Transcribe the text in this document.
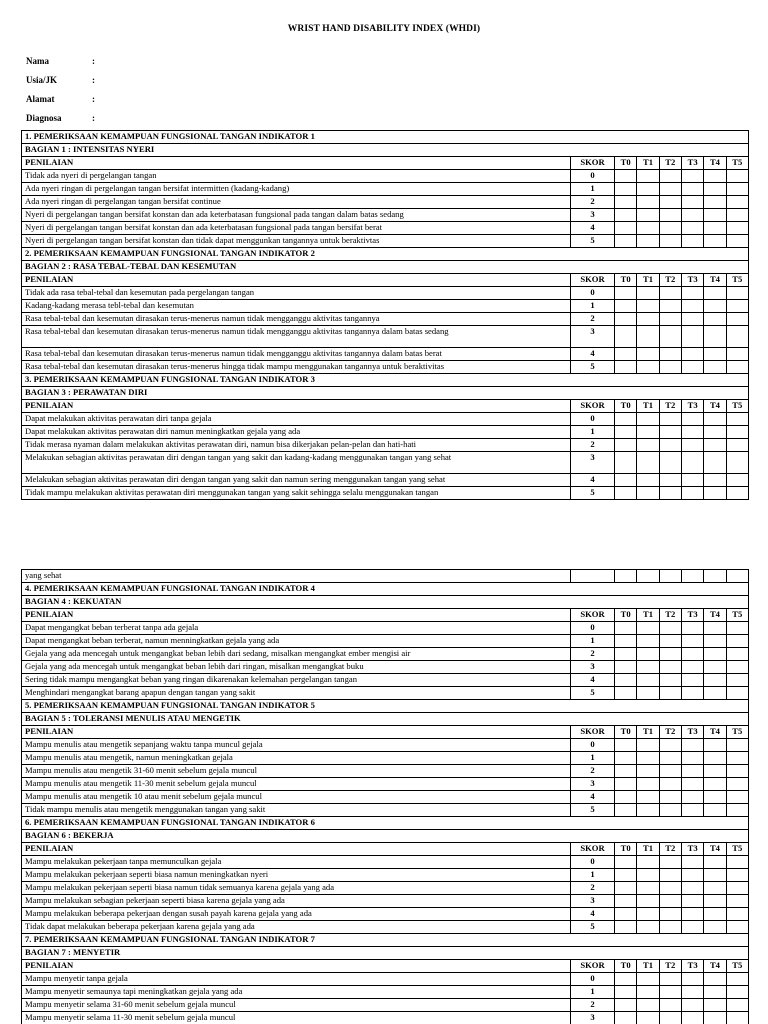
WRIST HAND DISABILITY INDEX (WHDI)
Nama	:
Usia/JK	:
Alamat	:
Diagnosa	:
1. PEMERIKSAAN KEMAMPUAN FUNGSIONAL TANGAN INDIKATOR 1							
BAGIAN 1 : INTENSITAS NYERI							
PENILAIAN	SKOR	T0	T1	T2	T3	T4	T5
Tidak ada nyeri di pergelangan tangan	0						
Ada nyeri ringan di pergelangan tangan bersifat intermitten (kadang-kadang)	1						
Ada nyeri ringan di pergelangan tangan bersifat continue	2						
Nyeri di pergelangan tangan bersifat konstan dan ada keterbatasan fungsional pada tangan dalam batas sedang	3						
Nyeri di pergelangan tangan bersifat konstan dan ada keterbatasan fungsional pada tangan bersifat berat	4						
Nyeri di pergelangan tangan bersifat konstan dan tidak dapat menggunkan tangannya untuk beraktivtas	5						
2. PEMERIKSAAN KEMAMPUAN FUNGSIONAL TANGAN INDIKATOR 2							
BAGIAN 2 : RASA TEBAL-TEBAL DAN KESEMUTAN							
PENILAIAN	SKOR	T0	T1	T2	T3	T4	T5
Tidak ada rasa tebal-tebal dan kesemutan pada pergelangan tangan	0						
Kadang-kadang merasa tebl-tebal dan kesemutan	1						
Rasa tebal-tebal dan kesemutan dirasakan terus-menerus namun tidak mengganggu aktivitas tangannya	2						
Rasa tebal-tebal dan kesemutan dirasakan terus-menerus namun tidak mengganggu aktivitas tangannya dalam batas sedang	3						
Rasa tebal-tebal dan kesemutan dirasakan terus-menerus namun tidak mengganggu aktivitas tangannya dalam batas berat	4						
Rasa tebal-tebal dan kesemutan dirasakan terus-menerus hingga tidak mampu menggunakan tangannya untuk beraktivitas	5						
3. PEMERIKSAAN KEMAMPUAN FUNGSIONAL TANGAN INDIKATOR 3							
BAGIAN 3 : PERAWATAN DIRI							
PENILAIAN	SKOR	T0	T1	T2	T3	T4	T5
Dapat melakukan aktivitas perawatan diri tanpa gejala	0						
Dapat melakukan aktivitas perawatan diri namun meningkatkan gejala yang ada	1						
Tidak merasa nyaman dalam melakukan aktivitas perawatan diri, namun bisa dikerjakan pelan-pelan dan hati-hati	2						
Melakukan sebagian aktivitas perawatan diri dengan tangan yang sakit dan kadang-kadang menggunakan tangan yang sehat	3						
Melakukan sebagian aktivitas perawatan diri dengan tangan yang sakit dan namun sering menggunakan tangan yang sehat	4						
Tidak mampu melakukan aktivitas perawatan diri menggunakan tangan yang sakit sehingga selalu menggunakan tangan	5						
yang sehat							
4. PEMERIKSAAN KEMAMPUAN FUNGSIONAL TANGAN INDIKATOR 4							
BAGIAN 4 : KEKUATAN							
PENILAIAN	SKOR	T0	T1	T2	T3	T4	T5
Dapat mengangkat beban terberat tanpa ada gejala	0						
Dapat mengangkat beban terberat, namun menningkatkan gejala yang ada	1						
Gejala yang ada mencegah untuk mengangkat beban lebih dari sedang, misalkan mengangkat ember mengisi air	2						
Gejala yang ada mencegah untuk mengangkat beban lebih dari ringan, misalkan mengangkat buku	3						
Sering tidak mampu mengangkat beban yang ringan dikarenakan kelemahan pergelangan tangan	4						
Menghindari mengangkat barang apapun dengan tangan yang sakit	5						
5. PEMERIKSAAN KEMAMPUAN FUNGSIONAL TANGAN INDIKATOR 5							
BAGIAN 5 : TOLERANSI MENULIS ATAU MENGETIK							
PENILAIAN	SKOR	T0	T1	T2	T3	T4	T5
Mampu menulis atau mengetik sepanjang waktu tanpa muncul gejala	0						
Mampu menulis atau mengetik, namun meningkatkan gejala	1						
Mampu menulis atau mengetik 31-60 menit sebelum gejala muncul	2						
Mampu menulis atau mengetik 11-30 menit sebelum gejala muncul	3						
Mampu menulis atau mengetik 10 atau menit sebelum gejala muncul	4						
Tidak mampu menulis atau mengetik menggunakan tangan yang sakit	5						
6. PEMERIKSAAN KEMAMPUAN FUNGSIONAL TANGAN INDIKATOR 6							
BAGIAN 6 : BEKERJA							
PENILAIAN	SKOR	T0	T1	T2	T3	T4	T5
Mampu melakukan pekerjaan tanpa memunculkan gejala	0						
Mampu melakukan pekerjaan seperti biasa namun meningkatkan nyeri	1						
Mampu melakukan pekerjaan seperti biasa namun tidak semuanya karena gejala yang ada	2						
Mampu melakukan sebagian pekerjaan seperti biasa karena gejala yang ada	3						
Mampu melakukan beberapa pekerjaan dengan susah payah karena gejala yang ada	4						
Tidak dapat melakukan beberapa pekerjaan karena gejala yang ada	5						
7. PEMERIKSAAN KEMAMPUAN FUNGSIONAL TANGAN INDIKATOR 7							
BAGIAN 7 : MENYETIR							
PENILAIAN	SKOR	T0	T1	T2	T3	T4	T5
Mampu menyetir tanpa gejala	0						
Mampu menyetir semaunya tapi meningkatkan gejala yang ada	1						
Mampu menyetir selama 31-60 menit sebelum gejala muncul	2						
Mampu menyetir selama 11-30 menit sebelum gejala muncul	3						
